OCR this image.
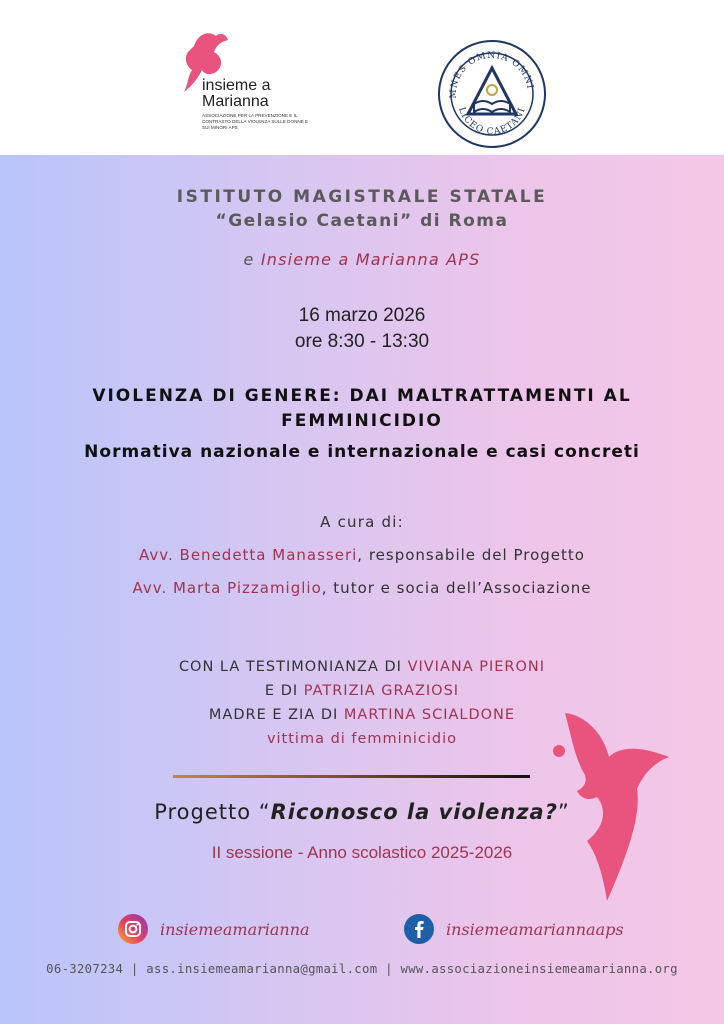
insieme a
Marianna
ASSOCIAZIONE PER LA PREVENZIONE E IL CONTRASTO DELLA VIOLENZA SULLE DONNE E SUI MINORI APS
MNES OMNIA OMNI
LICEO CAETANI
ISTITUTO MAGISTRALE STATALE
“Gelasio Caetani” di Roma
e Insieme a Marianna APS
16 marzo 2026
ore 8:30 - 13:30
VIOLENZA DI GENERE: DAI MALTRATTAMENTI AL
FEMMINICIDIO
Normativa nazionale e internazionale e casi concreti
A cura di:
Avv. Benedetta Manasseri, responsabile del Progetto
Avv. Marta Pizzamiglio, tutor e socia dell’Associazione
CON LA TESTIMONIANZA DI VIVIANA PIERONI
E DI PATRIZIA GRAZIOSI
MADRE E ZIA DI MARTINA SCIALDONE
vittima di femminicidio
Progetto “Riconosco la violenza?”
II sessione - Anno scolastico 2025-2026
insiemeamarianna	insiemeamariannaaps
06-3207234 | ass.insiemeamarianna@gmail.com | www.associazioneinsiemeamarianna.org
